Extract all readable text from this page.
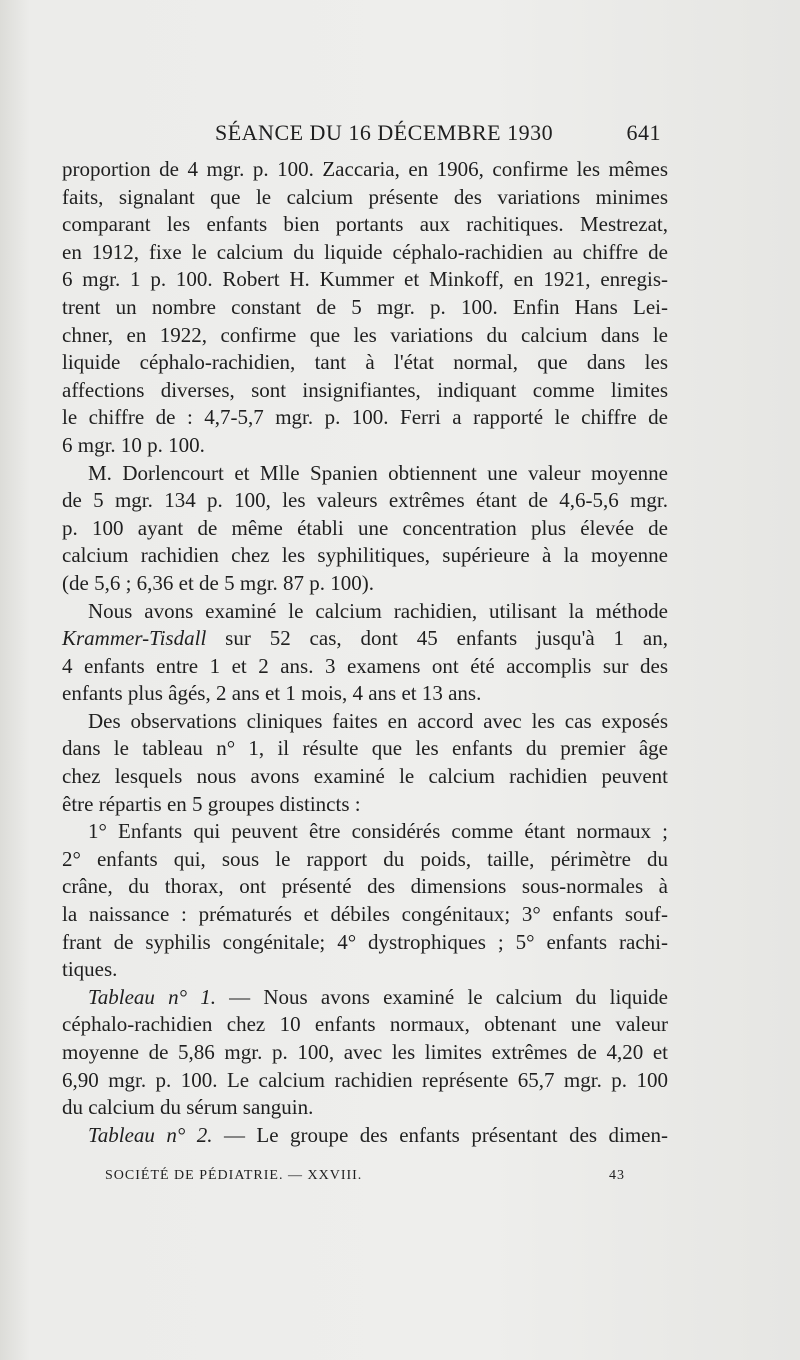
SÉANCE DU 16 DÉCEMBRE 1930	641
proportion de 4 mgr. p. 100. Zaccaria, en 1906, confirme les mêmes
faits, signalant que le calcium présente des variations minimes
comparant les enfants bien portants aux rachitiques. Mestrezat,
en 1912, fixe le calcium du liquide céphalo-rachidien au chiffre de
6 mgr. 1 p. 100. Robert H. Kummer et Minkoff, en 1921, enregis-
trent un nombre constant de 5 mgr. p. 100. Enfin Hans Lei-
chner, en 1922, confirme que les variations du calcium dans le
liquide céphalo-rachidien, tant à l'état normal, que dans les
affections diverses, sont insignifiantes, indiquant comme limites
le chiffre de : 4,7-5,7 mgr. p. 100. Ferri a rapporté le chiffre de
6 mgr. 10 p. 100.
M. Dorlencourt et Mlle Spanien obtiennent une valeur moyenne
de 5 mgr. 134 p. 100, les valeurs extrêmes étant de 4,6-5,6 mgr.
p. 100 ayant de même établi une concentration plus élevée de
calcium rachidien chez les syphilitiques, supérieure à la moyenne
(de 5,6 ; 6,36 et de 5 mgr. 87 p. 100).
Nous avons examiné le calcium rachidien, utilisant la méthode
Krammer-Tisdall sur 52 cas, dont 45 enfants jusqu'à 1 an,
4 enfants entre 1 et 2 ans. 3 examens ont été accomplis sur des
enfants plus âgés, 2 ans et 1 mois, 4 ans et 13 ans.
Des observations cliniques faites en accord avec les cas exposés
dans le tableau n° 1, il résulte que les enfants du premier âge
chez lesquels nous avons examiné le calcium rachidien peuvent
être répartis en 5 groupes distincts :
1° Enfants qui peuvent être considérés comme étant normaux ;
2° enfants qui, sous le rapport du poids, taille, périmètre du
crâne, du thorax, ont présenté des dimensions sous-normales à
la naissance : prématurés et débiles congénitaux; 3° enfants souf-
frant de syphilis congénitale; 4° dystrophiques ; 5° enfants rachi-
tiques.
Tableau n° 1. — Nous avons examiné le calcium du liquide
céphalo-rachidien chez 10 enfants normaux, obtenant une valeur
moyenne de 5,86 mgr. p. 100, avec les limites extrêmes de 4,20 et
6,90 mgr. p. 100. Le calcium rachidien représente 65,7 mgr. p. 100
du calcium du sérum sanguin.
Tableau n° 2. — Le groupe des enfants présentant des dimen-
SOCIÉTÉ DE PÉDIATRIE. — XXVIII.	43
